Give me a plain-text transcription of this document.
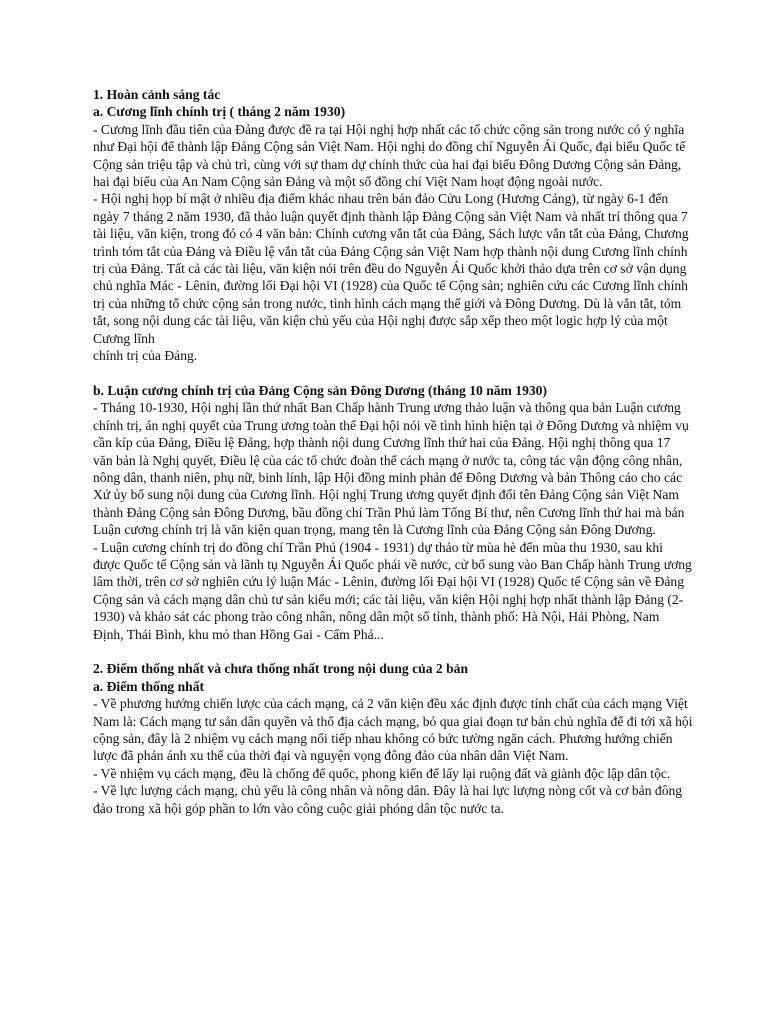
1. Hoàn cảnh sáng tác

a. Cương lĩnh chính trị ( tháng 2 năm 1930)

- Cương lĩnh đầu tiên của Đảng được đề ra tại Hội nghị hợp nhất các tổ chức cộng sản trong nước có ý nghĩa như Đại hội để thành lập Đảng Cộng sản Việt Nam. Hội nghị do đồng chí Nguyễn Ái Quốc, đại biểu Quốc tế Cộng sản triệu tập và chủ trì, cùng với sự tham dự chính thức của hai đại biểu Đông Dương Cộng sản Đảng, hai đại biểu của An Nam Cộng sản Đảng và một số đồng chí Việt Nam hoạt động ngoài nước.

- Hội nghị họp bí mật ở nhiều địa điểm khác nhau trên bán đảo Cửu Long (Hương Cảng), từ ngày 6-1 đến ngày 7 tháng 2 năm 1930, đã thảo luận quyết định thành lập Đảng Cộng sản Việt Nam và nhất trí thông qua 7 tài liệu, văn kiện, trong đó có 4 văn bản: Chính cương vắn tắt của Đảng, Sách lược vắn tắt của Đảng, Chương trình tóm tắt của Đảng và Điều lệ vắn tắt của Đảng Cộng sản Việt Nam hợp thành nội dung Cương lĩnh chính trị của Đảng. Tất cả các tài liệu, văn kiện nói trên đều do Nguyễn Ái Quốc khởi thảo dựa trên cơ sở vận dụng chủ nghĩa Mác - Lênin, đường lối Đại hội VI (1928) của Quốc tế Cộng sản; nghiên cứu các Cương lĩnh chính trị của những tổ chức cộng sản trong nước, tình hình cách mạng thế giới và Đông Dương. Dù là vắn tắt, tóm tắt, song nội dung các tài liệu, văn kiện chủ yếu của Hội nghị được sắp xếp theo một logic hợp lý của một Cương lĩnh

chính trị của Đảng.

b. Luận cương chính trị của Đảng Cộng sản Đông Dương (tháng 10 năm 1930)

- Tháng 10-1930, Hội nghị lần thứ nhất Ban Chấp hành Trung ương thảo luận và thông qua bản Luận cương chính trị, án nghị quyết của Trung ương toàn thể Đại hội nói về tình hình hiện tại ở Đông Dương và nhiệm vụ cần kíp của Đảng, Điều lệ Đảng, hợp thành nội dung Cương lĩnh thứ hai của Đảng. Hội nghị thông qua 17 văn bản là Nghị quyết, Điều lệ của các tổ chức đoàn thể cách mạng ở nước ta, công tác vận động công nhân, nông dân, thanh niên, phụ nữ, binh lính, lập Hội đồng minh phản đế Đông Dương và bản Thông cáo cho các Xứ ủy bổ sung nội dung của Cương lĩnh. Hội nghị Trung ương quyết định đổi tên Đảng Cộng sản Việt Nam thành Đảng Cộng sản Đông Dương, bầu đồng chí Trần Phú làm Tổng Bí thư, nên Cương lĩnh thứ hai mà bản Luận cương chính trị là văn kiện quan trọng, mang tên là Cương lĩnh của Đảng Cộng sản Đông Dương.

- Luận cương chính trị do đồng chí Trần Phú (1904 - 1931) dự thảo từ mùa hè đến mùa thu 1930, sau khi được Quốc tế Cộng sản và lãnh tụ Nguyễn Ái Quốc phái về nước, cử bổ sung vào Ban Chấp hành Trung ương lâm thời, trên cơ sở nghiên cứu lý luận Mác - Lênin, đường lối Đại hội VI (1928) Quốc tế Cộng sản về Đảng Cộng sản và cách mạng dân chủ tư sản kiểu mới; các tài liệu, văn kiện Hội nghị hợp nhất thành lập Đảng (2-1930) và khảo sát các phong trào công nhân, nông dân một số tỉnh, thành phố: Hà Nội, Hải Phòng, Nam Định, Thái Bình, khu mỏ than Hồng Gai - Cẩm Phả...

2. Điểm thống nhất và chưa thống nhất trong nội dung của 2 bản

a. Điểm thống nhất

- Về phương hướng chiến lược của cách mạng, cả 2 văn kiện đều xác định được tính chất của cách mạng Việt Nam là: Cách mạng tư sản dân quyền và thổ địa cách mạng, bỏ qua giai đoạn tư bản chủ nghĩa để đi tới xã hội cộng sản, đây là 2 nhiệm vụ cách mạng nối tiếp nhau không có bức tường ngăn cách. Phương hướng chiến lược đã phản ánh xu thế của thời đại và nguyện vọng đông đảo của nhân dân Việt Nam.

- Về nhiệm vụ cách mạng, đều là chống đế quốc, phong kiến để lấy lại ruộng đất và giành độc lập dân tộc.

- Về lực lượng cách mạng, chủ yếu là công nhân và nông dân. Đây là hai lực lượng nòng cốt và cơ bản đông đảo trong xã hội góp phần to lớn vào công cuộc giải phóng dân tộc nước ta.
